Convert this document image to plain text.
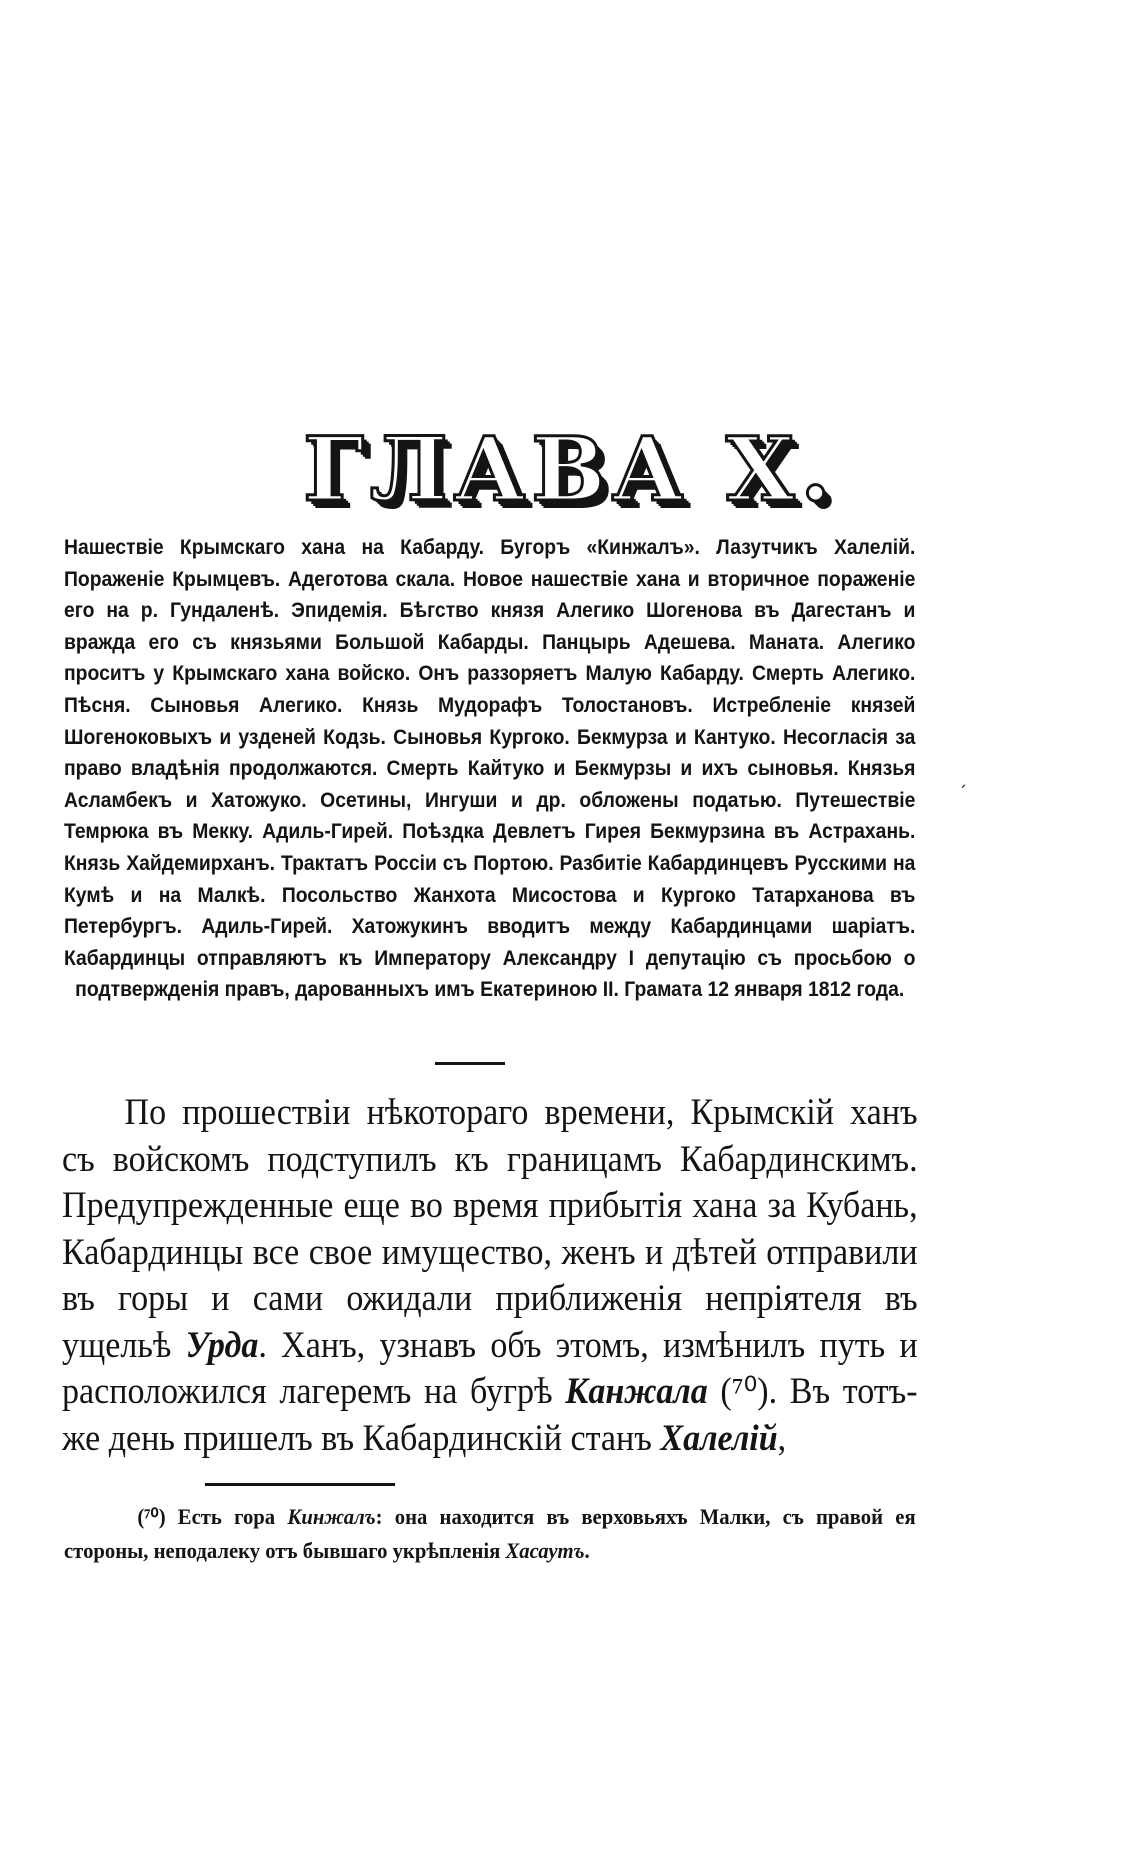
ГЛАВА X.
Нашествіе Крымскаго хана на Кабарду. Бугоръ «Кинжалъ». Лазутчикъ Халелій. Пораженіе Крымцевъ. Адеготова скала. Новое нашествіе хана и вторичное пораженіе его на р. Гундаленѣ. Эпидемія. Бѣгство князя Алегико Шогенова въ Дагестанъ и вражда его съ князьями Большой Кабарды. Панцырь Адешева. Маната. Алегико проситъ у Крымскаго хана войско. Онъ раззоряетъ Малую Кабарду. Смерть Алегико. Пѣсня. Сыновья Алегико. Князь Мудорафъ Толостановъ. Истребленіе князей Шогеноковыхъ и узденей Кодзь. Сыновья Кургоко. Бекмурза и Кантуко. Несогласія за право владѣнія продолжаются. Смерть Кайтуко и Бекмурзы и ихъ сыновья. Князья Асламбекъ и Хатожуко. Осетины, Ингуши и др. обложены податью. Путешествіе Темрюка въ Мекку. Адиль-Гирей. Поѣздка Девлетъ Гирея Бекмурзина въ Астрахань. Князь Хайдемирханъ. Трактатъ Россіи съ Портою. Разбитіе Кабардинцевъ Русскими на Кумѣ и на Малкѣ. Посольство Жанхота Мисостова и Кургоко Татарханова въ Петербургъ. Адиль-Гирей. Хатожукинъ вводитъ между Кабардинцами шаріатъ. Кабардинцы отправляютъ къ Императору Александру I депутацію съ просьбою о подтвержденія правъ, дарованныхъ имъ Екатериною II. Грамата 12 января 1812 года.
ˊ
По прошествіи нѣкотораго времени, Крымскій ханъ съ войскомъ подступилъ къ границамъ Кабардинскимъ. Предупрежденные еще во время прибытія хана за Кубань, Кабардинцы все свое имущество, женъ и дѣтей отправили въ горы и сами ожидали приближенія непріятеля въ ущельѣ Урда. Ханъ, узнавъ объ этомъ, измѣнилъ путь и расположился лагеремъ на бугрѣ Канжала (⁷⁰). Въ тотъ-же день пришелъ въ Кабардинскій станъ Халелій,
(⁷⁰) Есть гора Кинжалъ: она находится въ верховьяхъ Малки, съ правой ея стороны, неподалеку отъ бывшаго укрѣпленія Хасаутъ.
